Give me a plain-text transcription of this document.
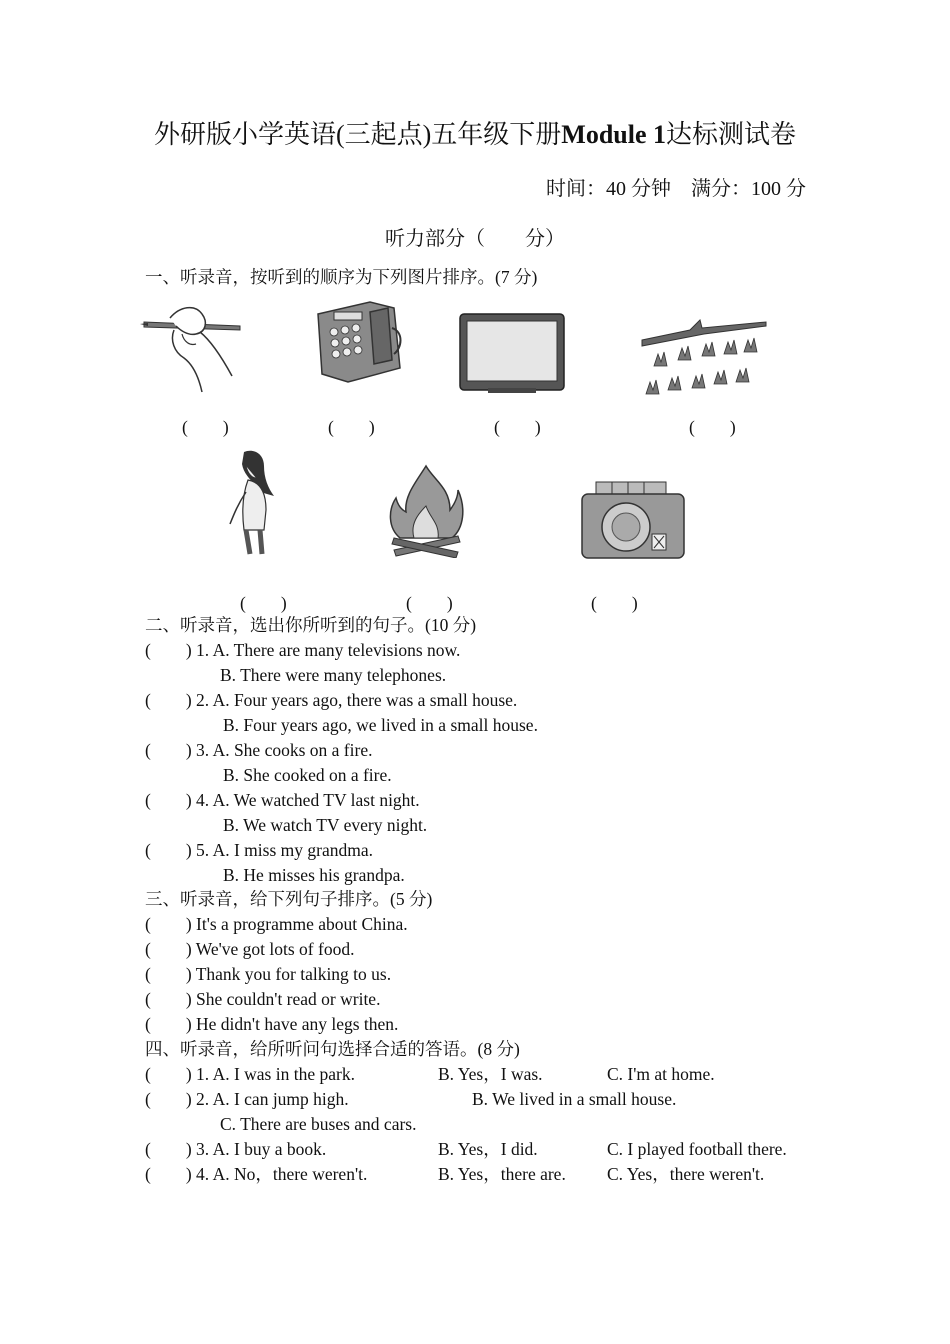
外研版小学英语(三起点)五年级下册Module 1达标测试卷
时间：40 分钟　满分：100 分
听力部分（　　分）
一、听录音，按听到的顺序为下列图片排序。(7 分)
(　　)	(　　)	(　　)	(　　)
(　　)	(　　)	(　　)
二、听录音，选出你所听到的句子。(10 分)
(　　) 1. A. There are many televisions now.
B. There were many telephones.
(　　) 2. A. Four years ago, there was a small house.
B. Four years ago, we lived in a small house.
(　　) 3. A. She cooks on a fire.
B. She cooked on a fire.
(　　) 4. A. We watched TV last night.
B. We watch TV every night.
(　　) 5. A. I miss my grandma.
B. He misses his grandpa.
三、听录音，给下列句子排序。(5 分)
(　　) It's a programme about China.
(　　) We've got lots of food.
(　　) Thank you for talking to us.
(　　) She couldn't read or write.
(　　) He didn't have any legs then.
四、听录音，给所听问句选择合适的答语。(8 分)
(　　) 1. A. I was in the park.	B. Yes，I was.	C. I'm at home.
(　　) 2. A. I can jump high.	B. We lived in a small house.
C. There are buses and cars.
(　　) 3. A. I buy a book.	B. Yes，I did.	C. I played football there.
(　　) 4. A. No，there weren't.	B. Yes，there are. C. Yes，there weren't.
